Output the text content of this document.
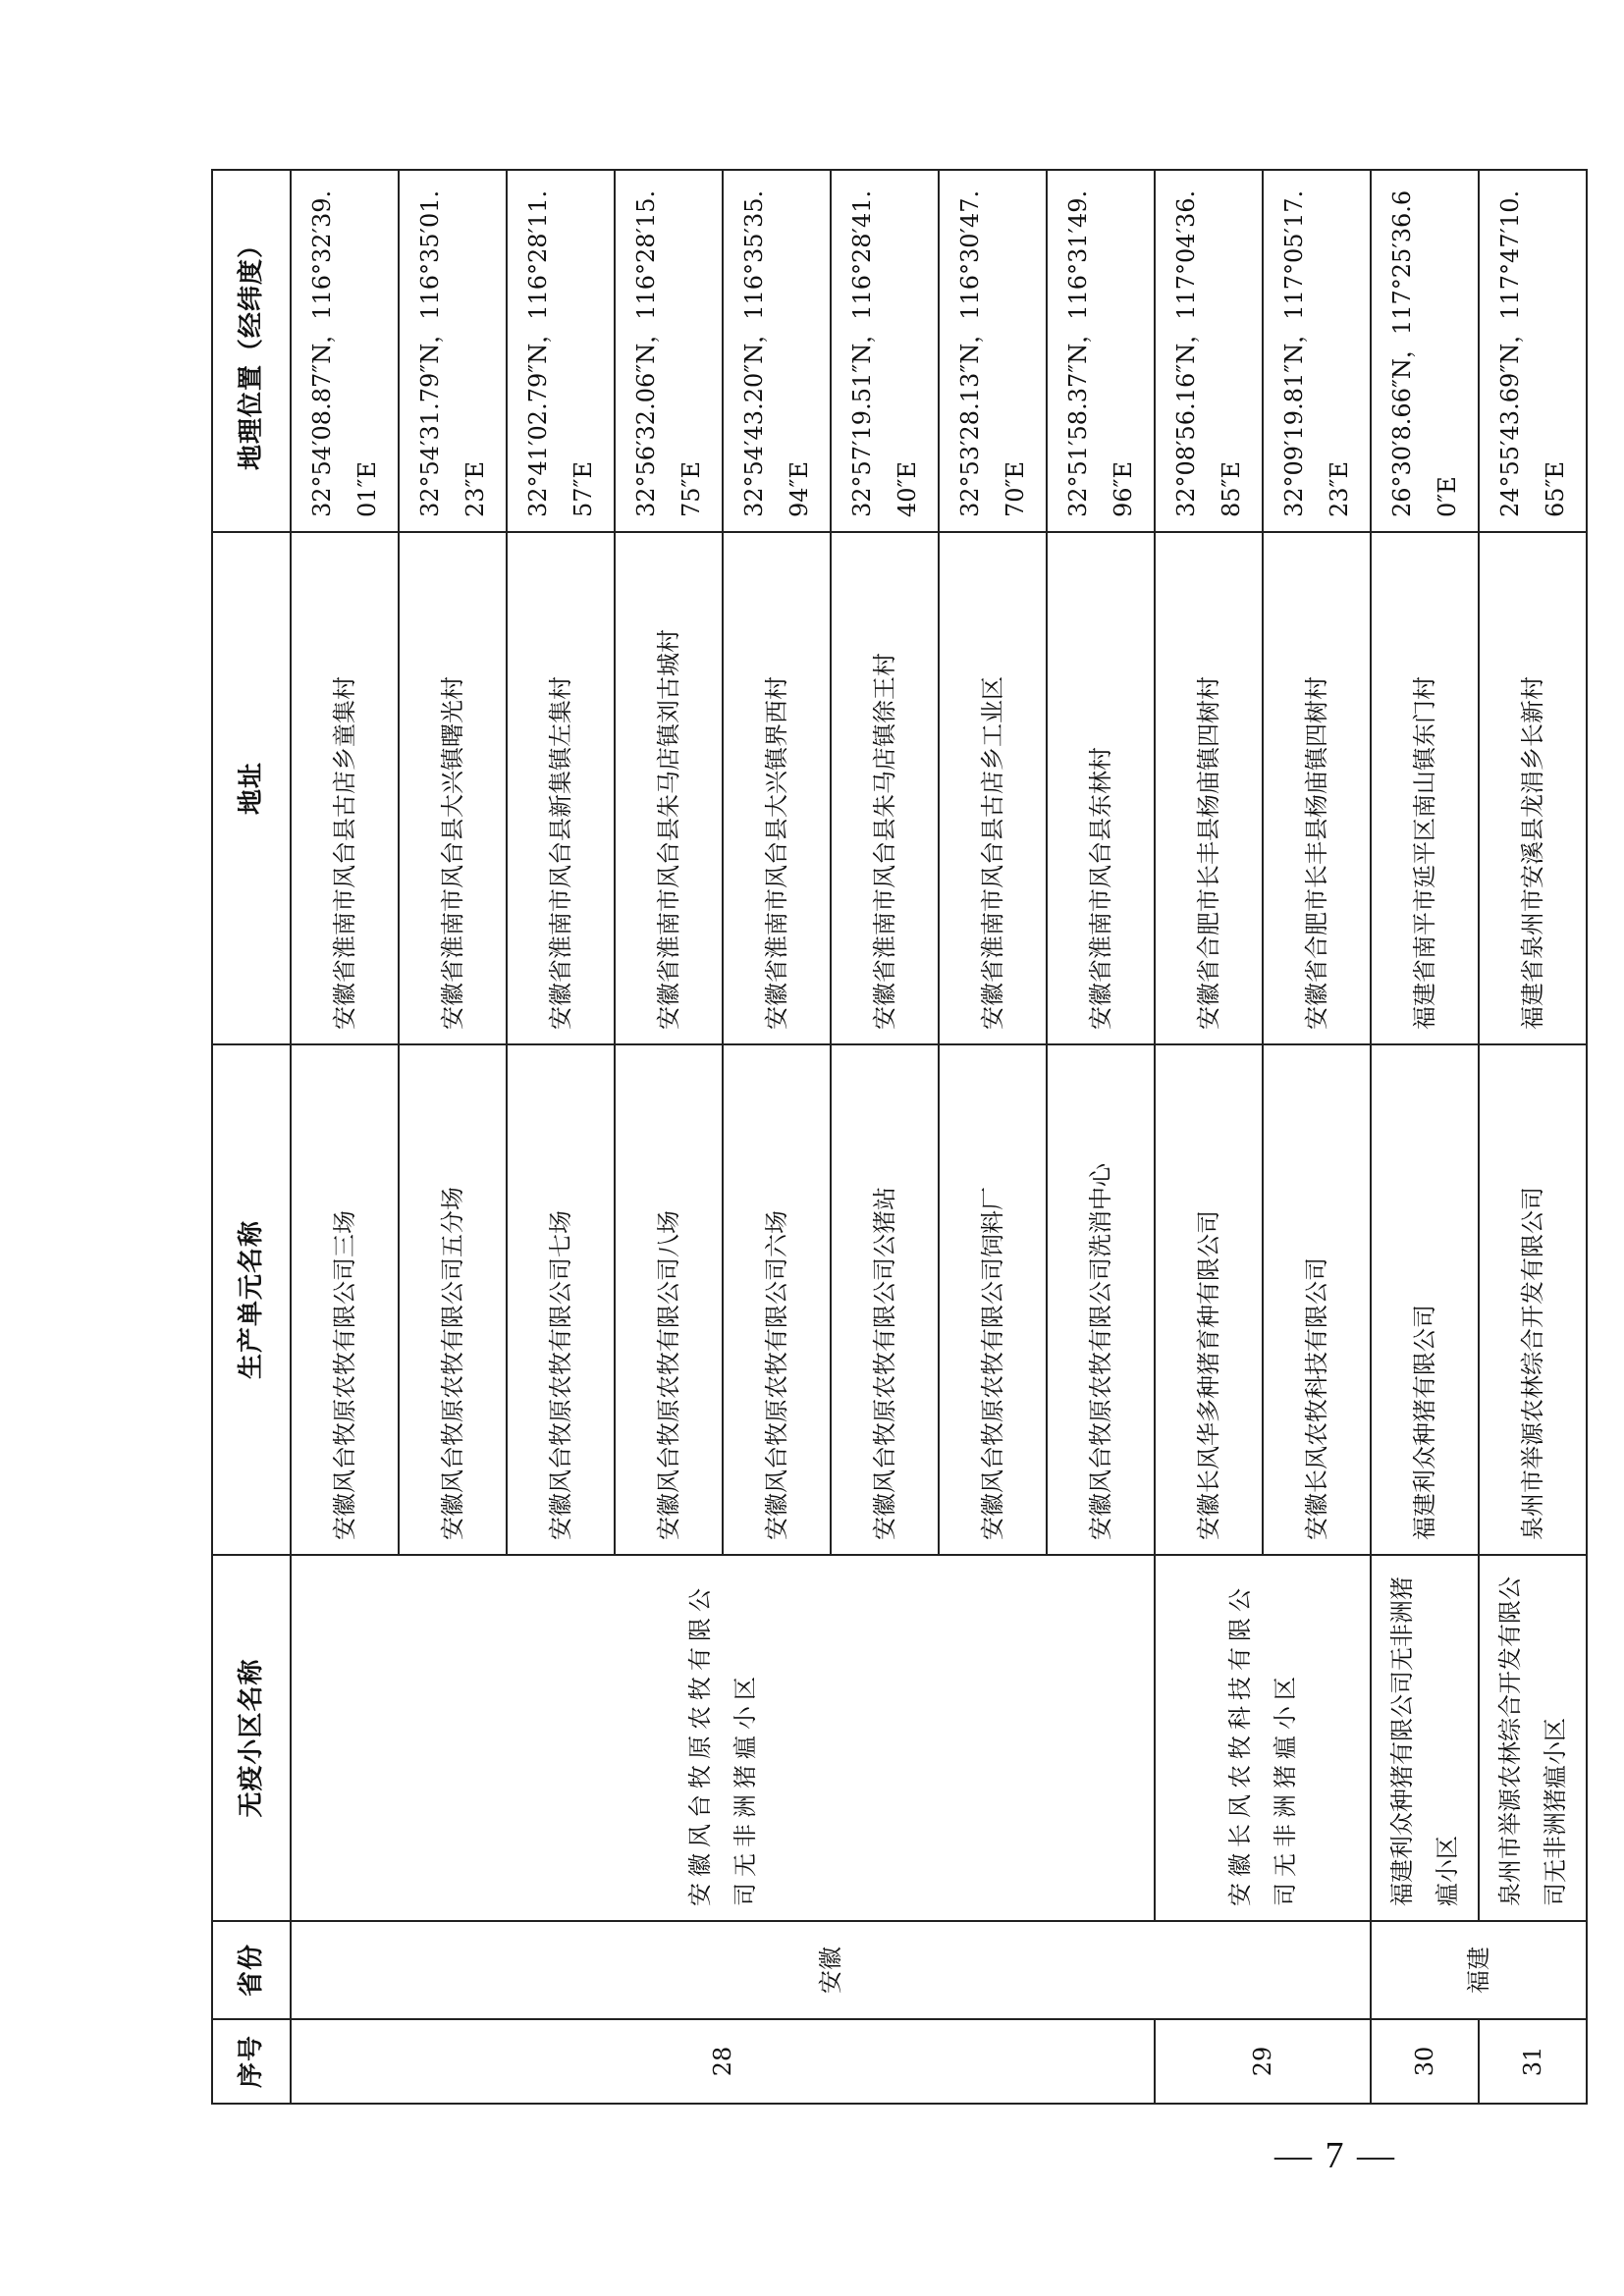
序号	省份	无疫小区名称	生产单元名称	地址	地理位置（经纬度）
28	安徽	安徽风台牧原农牧有限公司无非洲猪瘟小区	安徽风台牧原农牧有限公司三场	安徽省淮南市风台县古店乡童集村	32°54′08.87″N，116°32′39.01″E
			安徽风台牧原农牧有限公司五分场	安徽省淮南市风台县大兴镇曙光村	32°54′31.79″N，116°35′01.23″E
			安徽风台牧原农牧有限公司七场	安徽省淮南市风台县新集镇左集村	32°41′02.79″N，116°28′11.57″E
			安徽风台牧原农牧有限公司八场	安徽省淮南市风台县朱马店镇刘古城村	32°56′32.06″N，116°28′15.75″E
			安徽风台牧原农牧有限公司六场	安徽省淮南市风台县大兴镇界西村	32°54′43.20″N，116°35′35.94″E
			安徽风台牧原农牧有限公司公猪站	安徽省淮南市风台县朱马店镇徐王村	32°57′19.51″N，116°28′41.40″E
			安徽风台牧原农牧有限公司饲料厂	安徽省淮南市风台县古店乡工业区	32°53′28.13″N，116°30′47.70″E
			安徽风台牧原农牧有限公司洗消中心	安徽省淮南市风台县东林村	32°51′58.37″N，116°31′49.96″E
29		安徽长风农牧科技有限公司无非洲猪瘟小区	安徽长风华多种猪育种有限公司	安徽省合肥市长丰县杨庙镇四树村	32°08′56.16″N，117°04′36.85″E
			安徽长风农牧科技有限公司	安徽省合肥市长丰县杨庙镇四树村	32°09′19.81″N，117°05′17.23″E
30	福建	福建利众种猪有限公司无非洲猪瘟小区	福建利众种猪有限公司	福建省南平市延平区南山镇东门村	26°30′8.66″N，117°25′36.60″E
31		泉州市举源农林综合开发有限公司无非洲猪瘟小区	泉州市举源农林综合开发有限公司	福建省泉州市安溪县龙涓乡长新村	24°55′43.69″N，117°47′10.65″E
— 7 —
